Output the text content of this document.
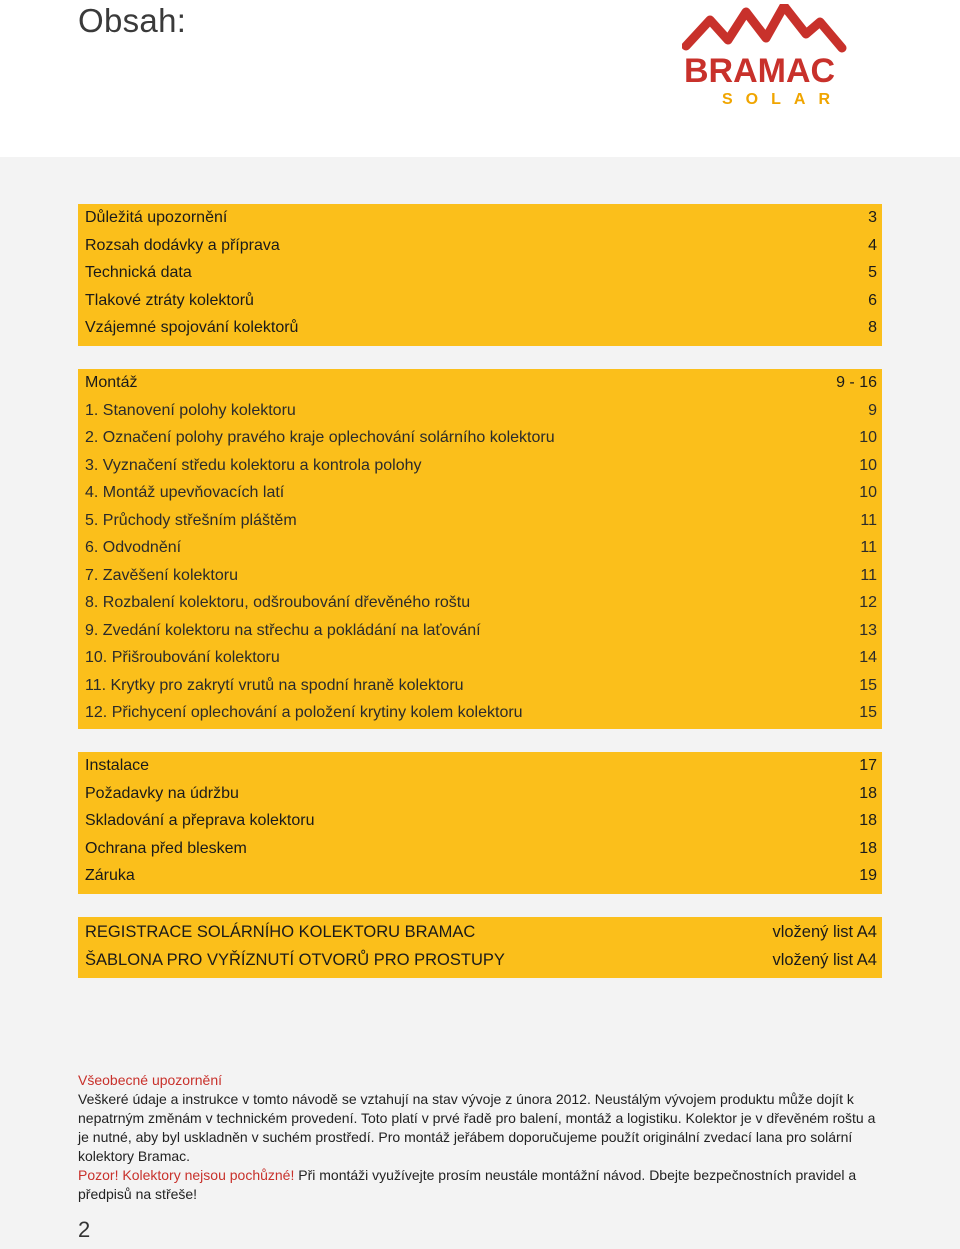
Obsah:
BRAMAC
SOLAR
Důležitá upozornění	3
Rozsah dodávky a příprava	4
Technická data	5
Tlakové ztráty kolektorů	6
Vzájemné spojování kolektorů	8
Montáž	9 - 16
1. Stanovení polohy kolektoru	9
2. Označení polohy pravého kraje oplechování solárního kolektoru	10
3. Vyznačení středu kolektoru a kontrola polohy	10
4. Montáž upevňovacích latí	10
5. Průchody střešním pláštěm	11
6. Odvodnění	11
7. Zavěšení kolektoru	11
8. Rozbalení kolektoru, odšroubování dřevěného roštu	12
9. Zvedání kolektoru na střechu a pokládání na laťování	13
10. Přišroubování kolektoru	14
11. Krytky pro zakrytí vrutů na spodní hraně kolektoru	15
12. Přichycení oplechování a položení krytiny kolem kolektoru	15
Instalace	17
Požadavky na údržbu	18
Skladování a přeprava kolektoru	18
Ochrana před bleskem	18
Záruka	19
REGISTRACE SOLÁRNÍHO KOLEKTORU BRAMAC	vložený list A4
ŠABLONA PRO VYŘÍZNUTÍ OTVORŮ PRO PROSTUPY	vložený list A4

Všeobecné upozornění

Veškeré údaje a instrukce v tomto návodě se vztahují na stav vývoje z února 2012. Neustálým vývojem produktu může dojít k nepatrným změnám v technickém provedení. Toto platí v prvé řadě pro balení, montáž a logistiku. Kolektor je v dřevěném roštu a je nutné, aby byl uskladněn v suchém prostředí. Pro montáž jeřábem doporučujeme použít originální zvedací lana pro solární kolektory Bramac.

Pozor! Kolektory nejsou pochůzné! Při montáži využívejte prosím neustále montážní návod. Dbejte bezpečnostních pravidel a předpisů na střeše!

2
